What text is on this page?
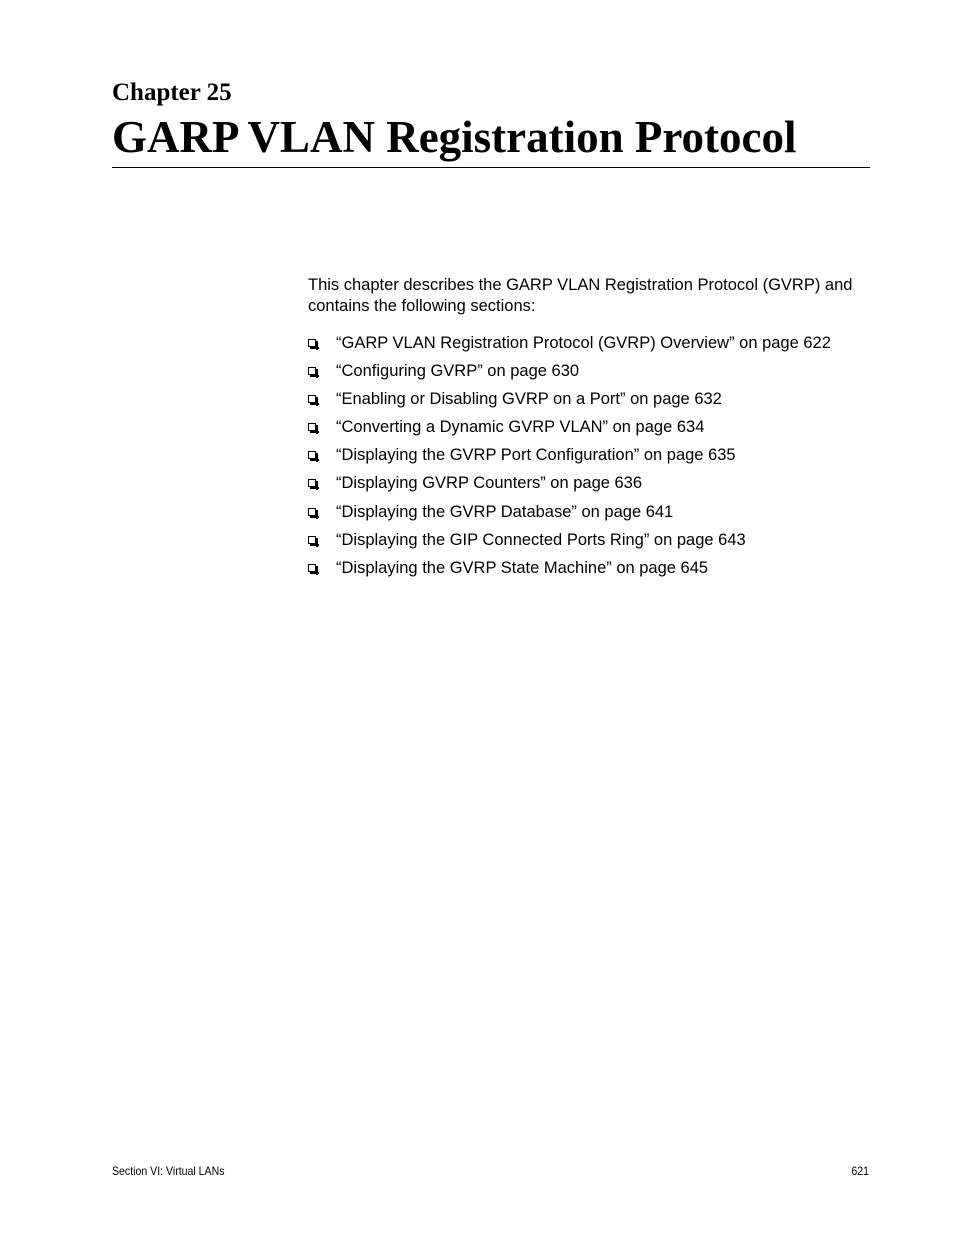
Chapter 25
GARP VLAN Registration Protocol

This chapter describes the GARP VLAN Registration Protocol (GVRP) and contains the following sections:

“GARP VLAN Registration Protocol (GVRP) Overview” on page 622
“Configuring GVRP” on page 630
“Enabling or Disabling GVRP on a Port” on page 632
“Converting a Dynamic GVRP VLAN” on page 634
“Displaying the GVRP Port Configuration” on page 635
“Displaying GVRP Counters” on page 636
“Displaying the GVRP Database” on page 641
“Displaying the GIP Connected Ports Ring” on page 643
“Displaying the GVRP State Machine” on page 645
Section VI: Virtual LANs	621
